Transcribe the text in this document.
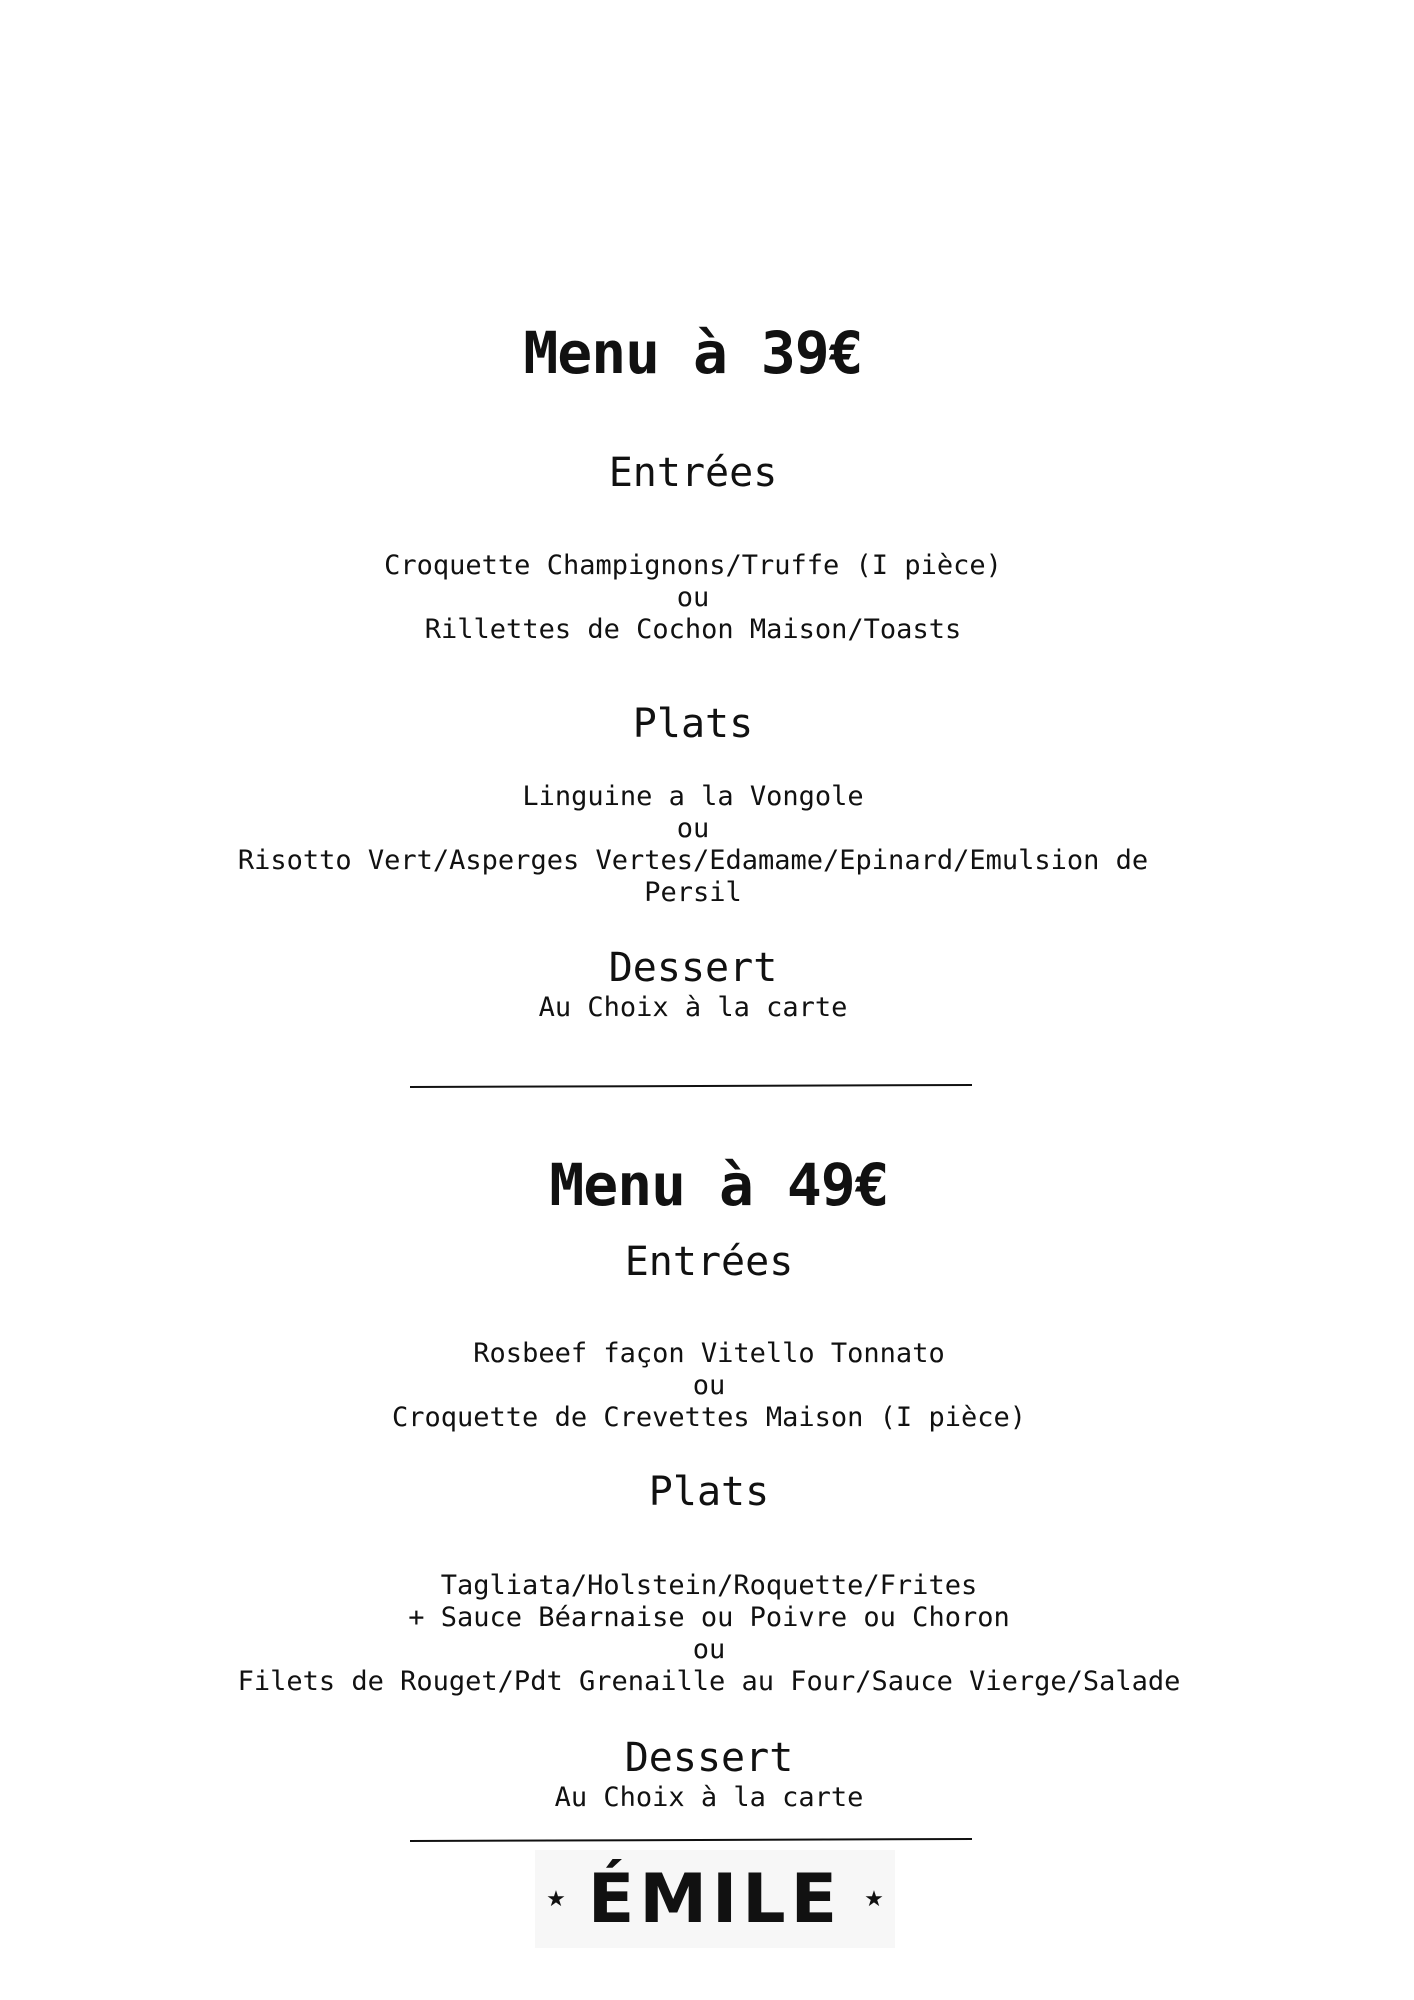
Menu à 39€
Entrées
Croquette Champignons/Truffe (I pièce)
ou
Rillettes de Cochon Maison/Toasts
Plats
Linguine a la Vongole
ou
Risotto Vert/Asperges Vertes/Edamame/Epinard/Emulsion de
Persil
Dessert
Au Choix à la carte
Menu à 49€
Entrées
Rosbeef façon Vitello Tonnato
ou
Croquette de Crevettes Maison (I pièce)
Plats
Tagliata/Holstein/Roquette/Frites
+ Sauce Béarnaise ou Poivre ou Choron
ou
Filets de Rouget/Pdt Grenaille au Four/Sauce Vierge/Salade
Dessert
Au Choix à la carte
★ ÉMILE ★
